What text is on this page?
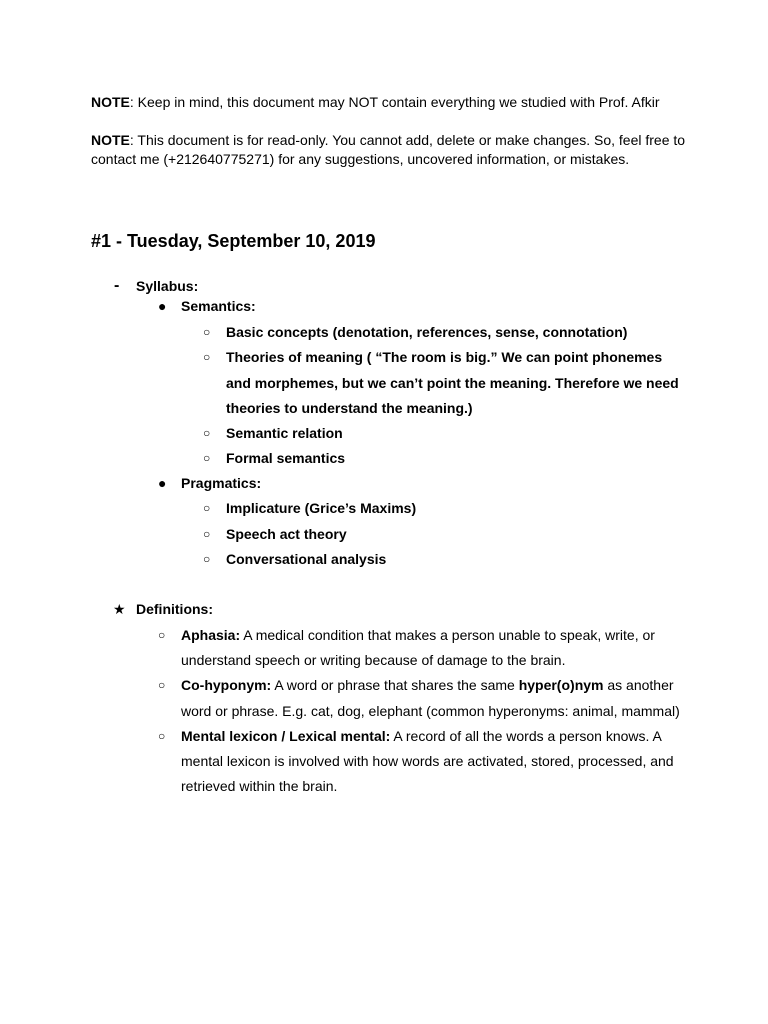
NOTE: Keep in mind, this document may NOT contain everything we studied with Prof. Afkir

NOTE: This document is for read-only. You cannot add, delete or make changes. So, feel free to contact me (+212640775271) for any suggestions, uncovered information, or mistakes.

#1 - Tuesday, September 10, 2019
- Syllabus:
● Semantics:
○ Basic concepts (denotation, references, sense, connotation)
○ Theories of meaning ( “The room is big.” We can point phonemes
and morphemes, but we can’t point the meaning. Therefore we need
theories to understand the meaning.)
○ Semantic relation
○ Formal semantics
● Pragmatics:
○ Implicature (Grice’s Maxims)
○ Speech act theory
○ Conversational analysis
★ Definitions:
○ Aphasia: A medical condition that makes a person unable to speak, write, or
understand speech or writing because of damage to the brain.
○ Co-hyponym: A word or phrase that shares the same hyper(o)nym as another
word or phrase. E.g. cat, dog, elephant (common hyperonyms: animal, mammal)
○ Mental lexicon / Lexical mental: A record of all the words a person knows. A
mental lexicon is involved with how words are activated, stored, processed, and
retrieved within the brain.
